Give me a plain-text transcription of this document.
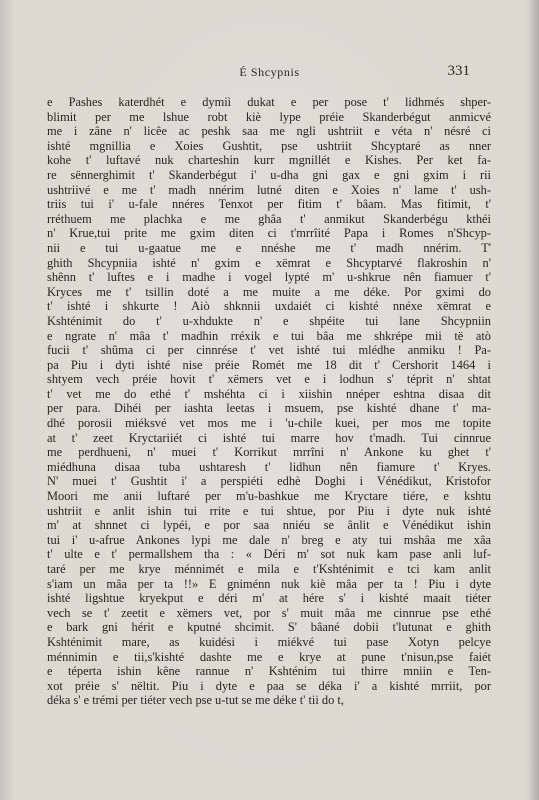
É Shcypnis	331
e Pashes katerdhét e dymiì dukat e per pose t' lidhmés shper-
blimit per me lshue robt kiè lype préie Skanderbégut anmicvé
me i zâne n' licêe ac peshk saa me ngli ushtriit e véta n' nésré ci
ishté mgnillia e Xoies Gushtit, pse ushtriit Shcyptaré as nner
kohe t' luftavé nuk charteshin kurr mgnillét e Kishes. Per ket fa-
re sënnerghimit t' Skanderbégut i' u-dha gni gax e gni gxim i rii
ushtriivé e me t' madh nnérim lutné diten e Xoies n' lame t' ush-
triis tui i' u-fale nnéres Tenxot per fitim t' bâam. Mas fitimit, t'
rréthuem me plachka e me ghâa t' anmikut Skanderbégu kthéi
n' Krue,tui prite me gxim diten ci t'mrrîité Papa i Romes n'Shcyp-
nii e tui u-gaatue me e nnéshe me t' madh nnérim. T'
ghith Shcypniia ishté n' gxim e xëmrat e Shcyptarvé flakroshin n'
shênn t' luftes e i madhe i vogel lypté m' u-shkrue nên fiamuer t'
Kryces me t' tsillin doté a me muite a me déke. Por gximi do
t' ishté i shkurte ! Aiò shknnii uxdaiét ci kishté nnéxe xëmrat e
Kshténimit do t' u-xhdukte n' e shpéite tui lane Shcypniin
e ngrate n' mâa t' madhin rréxik e tui bâa me shkrépe mii të atò
fucii t' shûma ci per cinnrése t' vet ishté tui mlédhe anmiku ! Pa-
pa Piu i dyti ishté nise préie Romét me 18 dit t' Cershorit 1464 i
shtyem vech préie hovit t' xëmers vet e i lodhun s' téprit n' shtat
t' vet me do ethé t' mshéhta ci i xiishin nnéper eshtna disaa dit
per para. Dihéi per iashta leetas i msuem, pse kishté dhane t' ma-
dhé porosii miéksvé vet mos me i 'u-chile kuei, per mos me topite
at t' zeet Kryctariiét ci ishté tui marre hov t'madh. Tui cinnrue
me perdhueni, n' muei t' Korrikut mrrîni n' Ankone ku ghet t'
miédhuna disaa tuba ushtaresh t' lidhun nên fiamure t' Kryes.
N' muei t' Gushtit i' a perspiéti edhè Doghi i Vénédikut, Kristofor
Moori me anii luftaré per m'u-bashkue me Kryctare tiére, e kshtu
ushtriit e anlit ishin tui rrite e tui shtue, por Piu i dyte nuk ishté
m' at shnnet ci lypéi, e por saa nniéu se ânlit e Vénédikut ishin
tui i' u-afrue Ankones lypi me dale n' breg e aty tui mshâa me xâa
t' ulte e t' permallshem tha : « Déri m' sot nuk kam pase anli luf-
taré per me krye ménnimét e mila e t'Kshténimit e tci kam anlit
s'iam un mâa per ta !!» E gniménn nuk kiè mâa per ta ! Piu i dyte
ishté ligshtue kryekput e déri m' at hére s' i kishté maait tiéter
vech se t' zeetit e xëmers vet, por s' muit mâa me cinnrue pse ethé
e bark gni hérit e kputné shcimit. S' bâané dobii t'lutunat e ghith
Kshténimit mare, as kuidési i miékvé tui pase Xotyn pelcye
ménnimin e tii,s'kishté dashte me e krye at pune t'nisun,pse faiét
e téperta ishin kêne rannue n' Kshténim tui thirre mniin e Ten-
xot préie s' nëltit. Piu i dyte e paa se déka i' a kishté mrriit, por
déka s' e trémi per tiéter vech pse u-tut se me déke t' tii do t,
